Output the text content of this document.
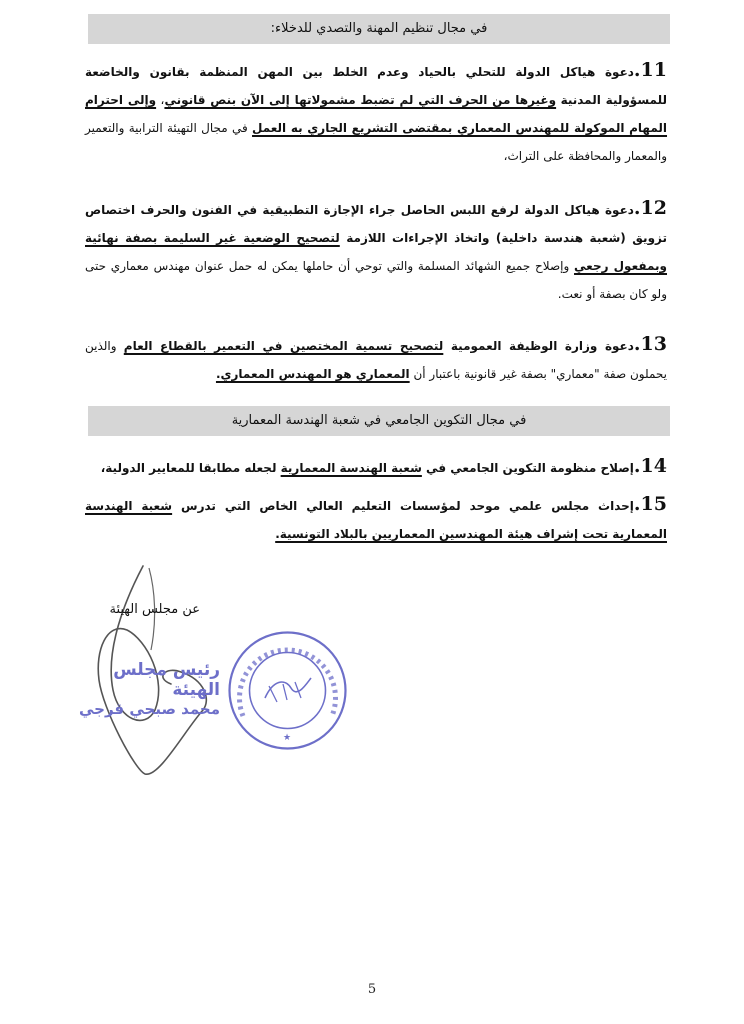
في مجال تنظيم المهنة والتصدي للدخلاء:
11.دعوة هياكل الدولة للتحلي بالحياد وعدم الخلط بين المهن المنظمة بقانون والخاضعة للمسؤولية المدنية وغيرها من الحرف التي لم تضبط مشمولاتها إلى الآن بنص قانوني، وإلى احترام المهام الموكولة للمهندس المعماري بمقتضى التشريع الجاري به العمل في مجال التهيئة الترابية والتعمير والمعمار والمحافظة على التراث،
12.دعوة هياكل الدولة لرفع اللبس الحاصل جراء الإجازة التطبيقية في الفنون والحرف اختصاص تزويق (شعبة هندسة داخلية) واتخاذ الإجراءات اللازمة لتصحيح الوضعية غير السليمة بصفة نهائية وبمفعول رجعي وإصلاح جميع الشهائد المسلمة والتي توحي أن حاملها يمكن له حمل عنوان مهندس معماري حتى ولو كان بصفة أو نعت.
13.دعوة وزارة الوظيفة العمومية لتصحيح تسمية المختصين في التعمير بالقطاع العام والذين يحملون صفة "معماري" بصفة غير قانونية باعتبار أن المعماري هو المهندس المعماري.
في مجال التكوين الجامعي في شعبة الهندسة المعمارية
14.إصلاح منظومة التكوين الجامعي في شعبة الهندسة المعمارية لجعله مطابقا للمعايير الدولية،
15.إحداث مجلس علمي موحد لمؤسسات التعليم العالي الخاص التي تدرس شعبة الهندسة المعمارية تحت إشراف هيئة المهندسين المعماريين بالبلاد التونسية.
عن مجلس الهيئة
رئيس مجلس الهيئة
محمد صبحي قرجي
★
5
